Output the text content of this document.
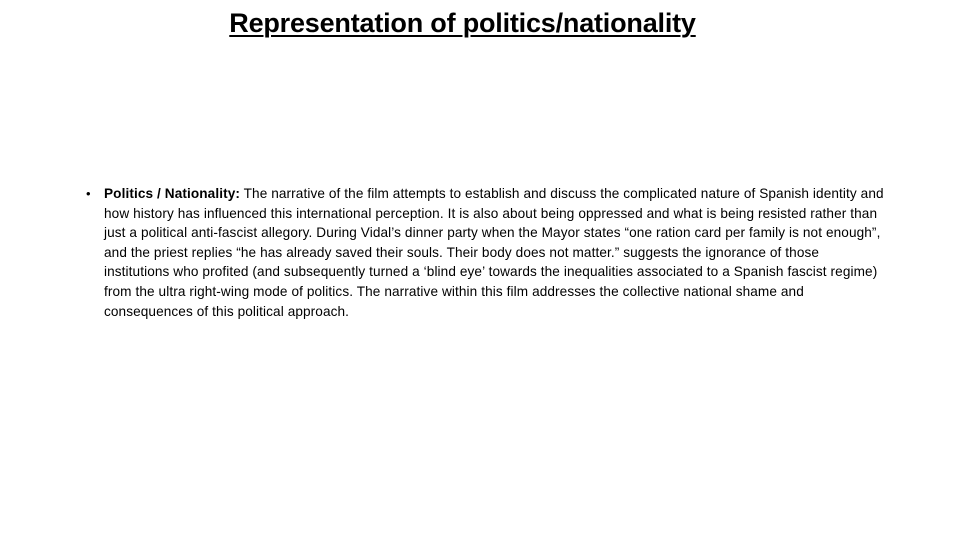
Representation of politics/nationality
• Politics / Nationality: The narrative of the film attempts to establish and discuss the complicated nature of Spanish identity and how history has influenced this international perception. It is also about being oppressed and what is being resisted rather than just a political anti-fascist allegory. During Vidal’s dinner party when the Mayor states “one ration card per family is not enough”, and the priest replies “he has already saved their souls. Their body does not matter.” suggests the ignorance of those institutions who profited (and subsequently turned a ‘blind eye’ towards the inequalities associated to a Spanish fascist regime) from the ultra right-wing mode of politics. The narrative within this film addresses the collective national shame and consequences of this political approach.
